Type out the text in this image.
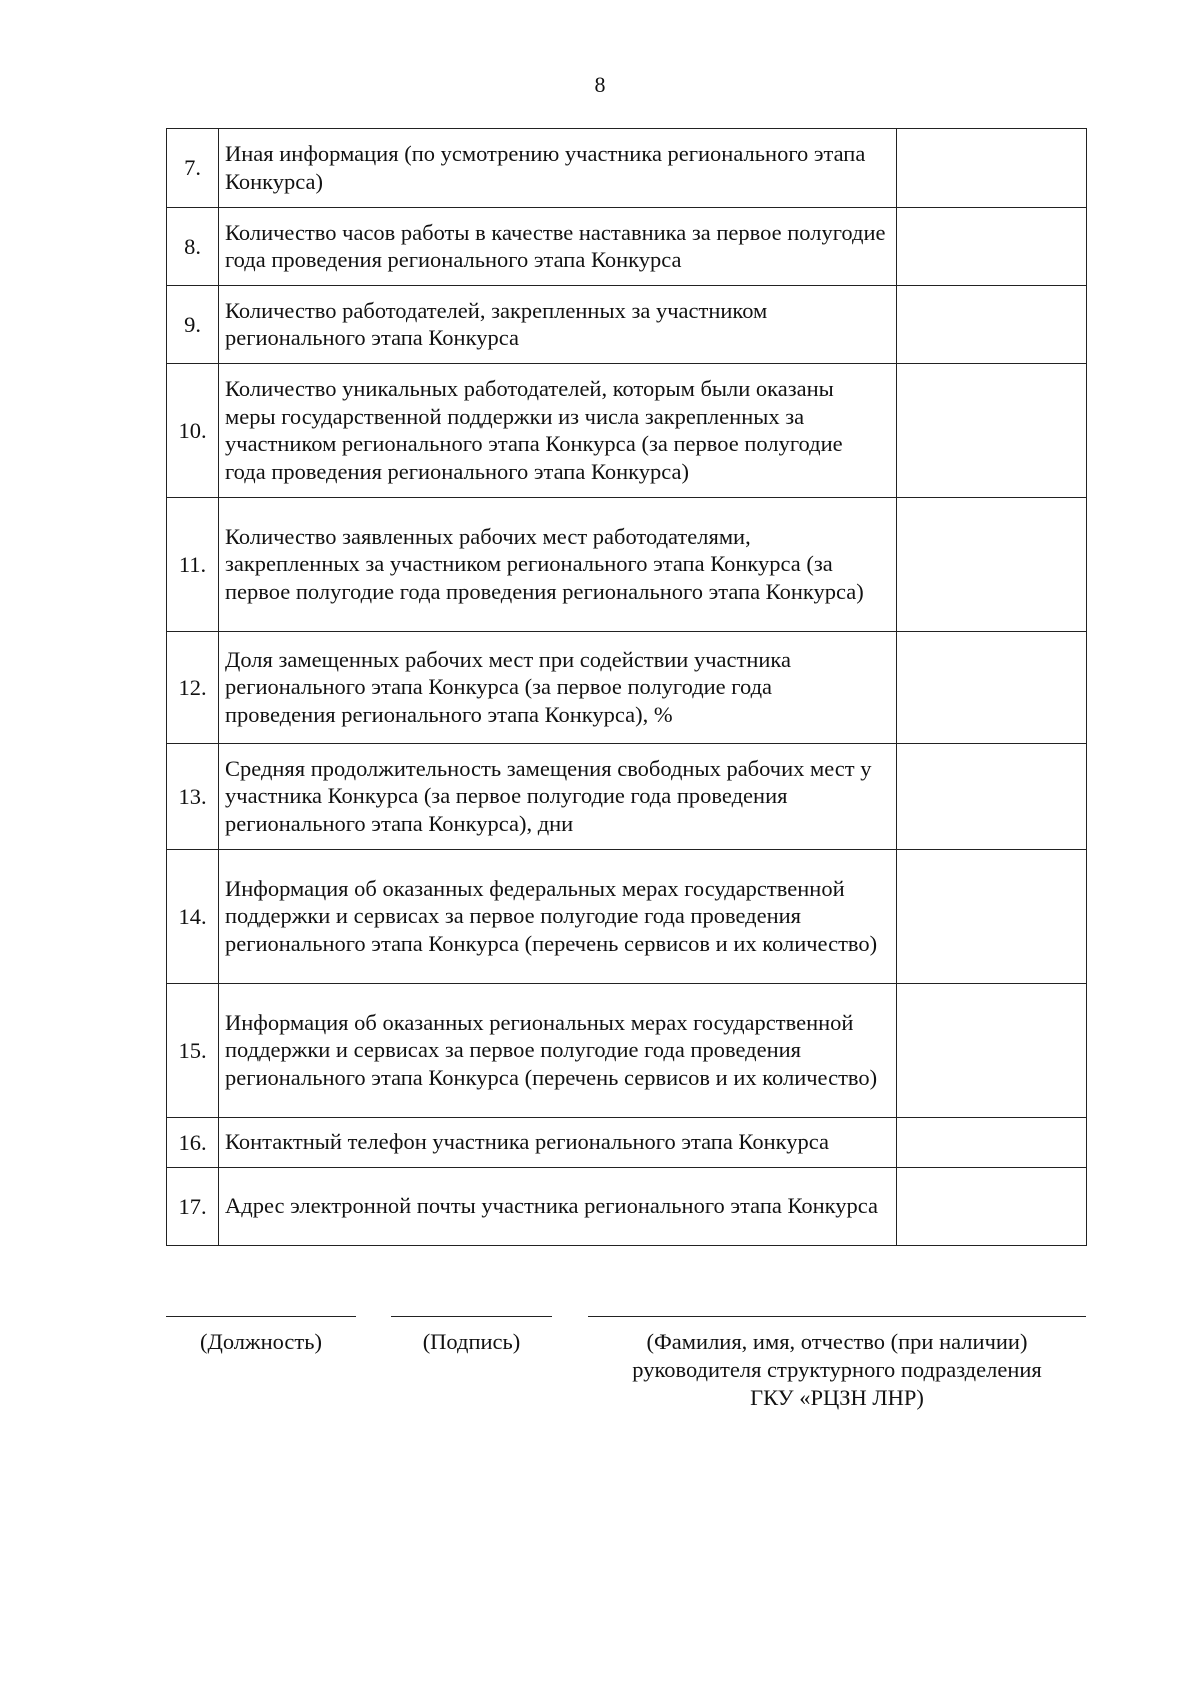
8
7.	Иная информация (по усмотрению участника регионального этапа Конкурса)	
8.	Количество часов работы в качестве наставника за первое полугодие года проведения регионального этапа Конкурса	
9.	Количество работодателей, закрепленных за участником регионального этапа Конкурса	
10.	Количество уникальных работодателей, которым были оказаны меры государственной поддержки из числа закрепленных за участником регионального этапа Конкурса (за первое полугодие года проведения регионального этапа Конкурса)	
11.	Количество заявленных рабочих мест работодателями, закрепленных за участником регионального этапа Конкурса (за первое полугодие года проведения регионального этапа Конкурса)	
12.	Доля замещенных рабочих мест при содействии участника регионального этапа Конкурса (за первое полугодие года проведения регионального этапа Конкурса), %	
13.	Средняя продолжительность замещения свободных рабочих мест у участника Конкурса (за первое полугодие года проведения регионального этапа Конкурса), дни	
14.	Информация об оказанных федеральных мерах государственной поддержки и сервисах за первое полугодие года проведения регионального этапа Конкурса (перечень сервисов и их количество)	
15.	Информация об оказанных региональных мерах государственной поддержки и сервисах за первое полугодие года проведения регионального этапа Конкурса (перечень сервисов и их количество)	
16.	Контактный телефон участника регионального этапа Конкурса	
17.	Адрес электронной почты участника регионального этапа Конкурса	
(Должность)	(Подпись)	(Фамилия, имя, отчество (при наличии)
руководителя структурного подразделения
ГКУ «РЦЗН ЛНР)
